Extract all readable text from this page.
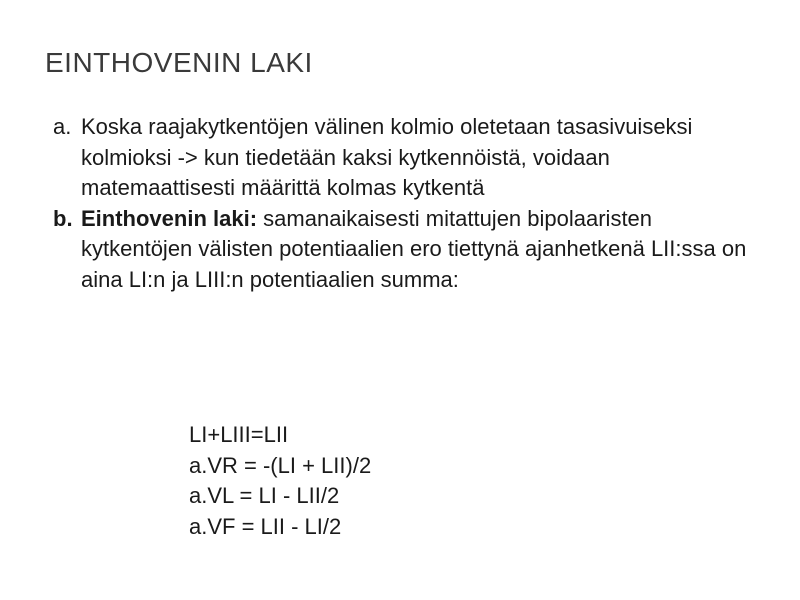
EINTHOVENIN LAKI

a. Koska raajakytkentöjen välinen kolmio oletetaan tasasivuiseksi kolmioksi -> kun tiedetään kaksi kytkennöistä, voidaan matemaattisesti määrittä kolmas kytkentä

b. Einthovenin laki: samanaikaisesti mitattujen bipolaaristen kytkentöjen välisten potentiaalien ero tiettynä ajanhetkenä LII:ssa on aina LI:n ja LIII:n potentiaalien summa:

LI+LIII=LII
a.VR = -(LI + LII)/2
a.VL = LI - LII/2
a.VF = LII - LI/2
